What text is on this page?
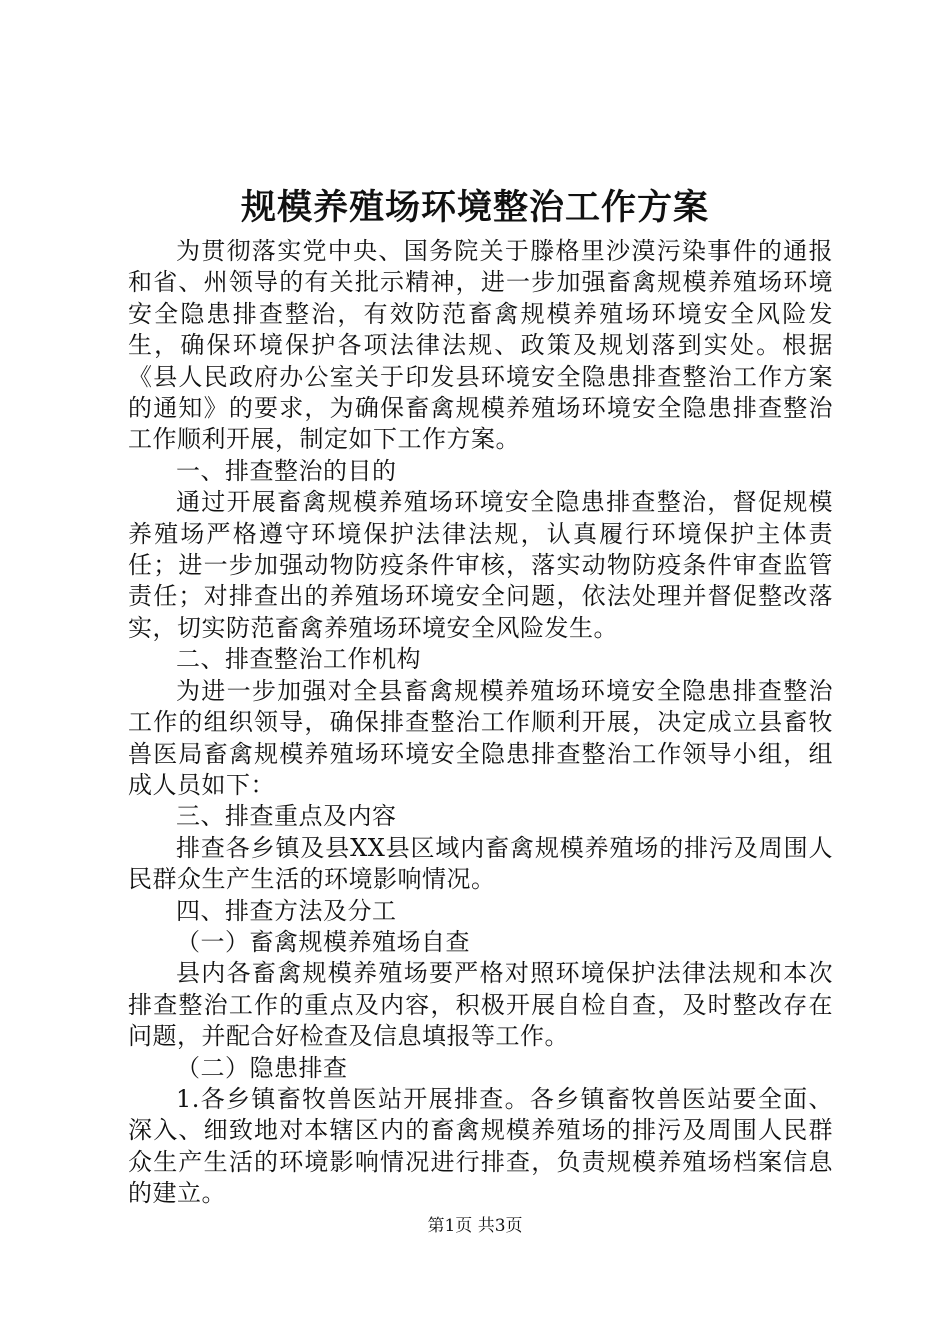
规模养殖场环境整治工作方案

为贯彻落实党中央、国务院关于滕格里沙漠污染事件的通报和省、州领导的有关批示精神，进一步加强畜禽规模养殖场环境安全隐患排查整治，有效防范畜禽规模养殖场环境安全风险发生，确保环境保护各项法律法规、政策及规划落到实处。根据《县人民政府办公室关于印发县环境安全隐患排查整治工作方案的通知》的要求，为确保畜禽规模养殖场环境安全隐患排查整治工作顺利开展，制定如下工作方案。

一、排查整治的目的

通过开展畜禽规模养殖场环境安全隐患排查整治，督促规模养殖场严格遵守环境保护法律法规，认真履行环境保护主体责任；进一步加强动物防疫条件审核，落实动物防疫条件审查监管责任；对排查出的养殖场环境安全问题，依法处理并督促整改落实，切实防范畜禽养殖场环境安全风险发生。

二、排查整治工作机构

为进一步加强对全县畜禽规模养殖场环境安全隐患排查整治工作的组织领导，确保排查整治工作顺利开展，决定成立县畜牧兽医局畜禽规模养殖场环境安全隐患排查整治工作领导小组，组成人员如下：

三、排查重点及内容

排查各乡镇及县XX县区域内畜禽规模养殖场的排污及周围人民群众生产生活的环境影响情况。

四、排查方法及分工

（一）畜禽规模养殖场自查

县内各畜禽规模养殖场要严格对照环境保护法律法规和本次排查整治工作的重点及内容，积极开展自检自查，及时整改存在问题，并配合好检查及信息填报等工作。

（二）隐患排查

1.各乡镇畜牧兽医站开展排查。各乡镇畜牧兽医站要全面、深入、细致地对本辖区内的畜禽规模养殖场的排污及周围人民群众生产生活的环境影响情况进行排查，负责规模养殖场档案信息的建立。

第1页 共3页
